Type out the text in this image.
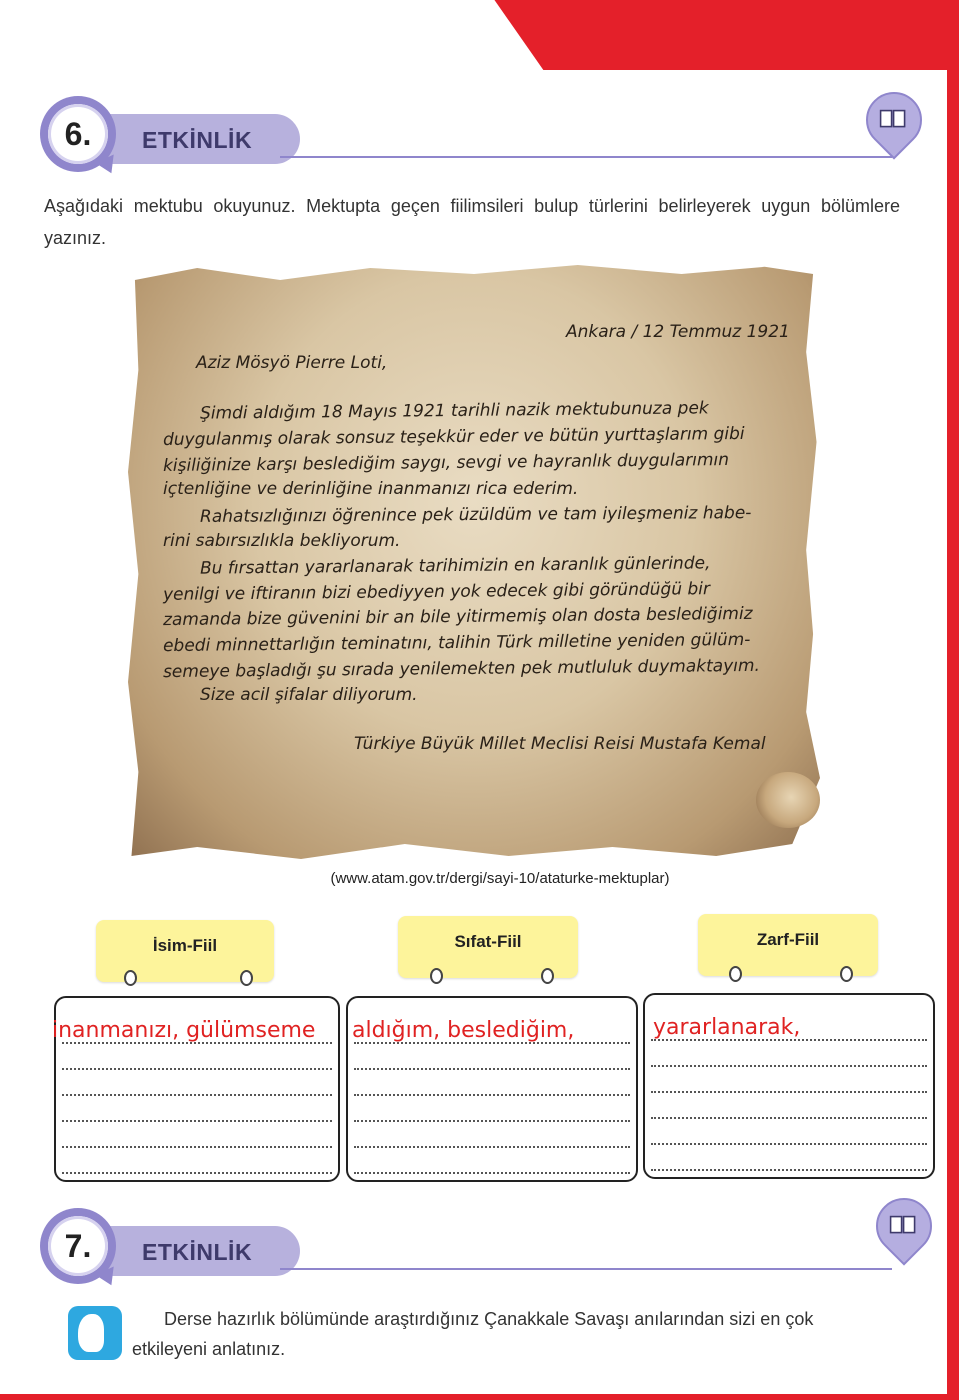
ETKİNLİK
6.
Aşağıdaki mektubu okuyunuz. Mektupta geçen fiilimsileri bulup türlerini belirleyerek uygun bölümlere yazınız.
Ankara / 12 Temmuz 1921
Aziz Mösyö Pierre Loti,
Şimdi aldığım 18 Mayıs 1921 tarihli nazik mektubunuza pek
duygulanmış olarak sonsuz teşekkür eder ve bütün yurttaşlarım gibi
kişiliğinize karşı beslediğim saygı, sevgi ve hayranlık duygularımın
içtenliğine ve derinliğine inanmanızı rica ederim.
Rahatsızlığınızı öğrenince pek üzüldüm ve tam iyileşmeniz habe-
rini sabırsızlıkla bekliyorum.
Bu fırsattan yararlanarak tarihimizin en karanlık günlerinde,
yenilgi ve iftiranın bizi ebediyyen yok edecek gibi göründüğü bir
zamanda bize güvenini bir an bile yitirmemiş olan dosta beslediğimiz
ebedi minnettarlığın teminatını, talihin Türk milletine yeniden gülüm-
semeye başladığı şu sırada yenilemekten pek mutluluk duymaktayım.
Size acil şifalar diliyorum.
Türkiye Büyük Millet Meclisi Reisi Mustafa Kemal
(www.atam.gov.tr/dergi/sayi-10/ataturke-mektuplar)
İsim-Fiil
inanmanızı, gülümseme
Sıfat-Fiil
aldığım, beslediğim,
Zarf-Fiil
yararlanarak,
ETKİNLİK
7.
Derse hazırlık bölümünde araştırdığınız Çanakkale Savaşı anılarından sizi en çok etkileyeni anlatınız.
